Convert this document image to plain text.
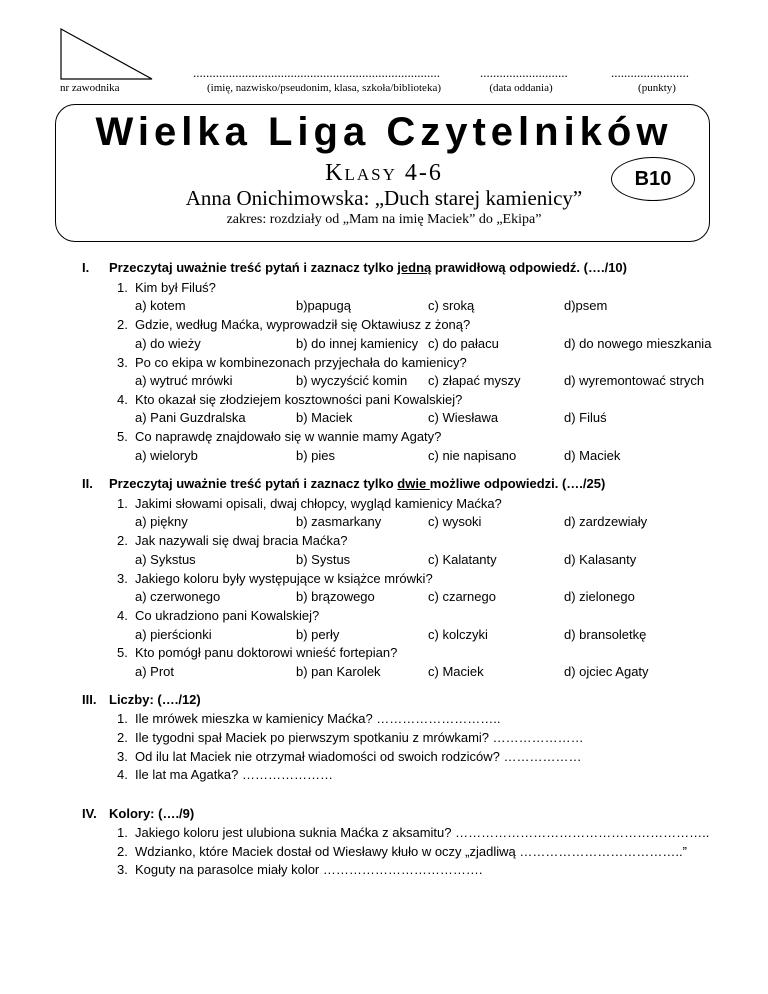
nr zawodnika
............................................................................
(imię, nazwisko/pseudonim, klasa, szkoła/biblioteka)
...........................
(data oddania)
........................
(punkty)
Wielka Liga Czytelników
Klasy 4-6
Anna Onichimowska: „Duch starej kamienicy”
zakres: rozdziały od „Mam na imię Maciek” do „Ekipa”
B10
I. Przeczytaj uważnie treść pytań i zaznacz tylko jedną prawidłową odpowiedź. (…./10)
1. Kim był Filuś?
a) kotem	b)papugą	c) sroką	d)psem
2. Gdzie, według Maćka, wyprowadził się Oktawiusz z żoną?
a) do wieży	b) do innej kamienicy c) do pałacu	d) do nowego mieszkania
3. Po co ekipa w kombinezonach przyjechała do kamienicy?
a) wytruć mrówki	b) wyczyścić komin c) złapać myszy	d) wyremontować strych
4. Kto okazał się złodziejem kosztowności pani Kowalskiej?
a) Pani Guzdralska	b) Maciek	c) Wiesława	d) Filuś
5. Co naprawdę znajdowało się w wannie mamy Agaty?
a) wieloryb	b) pies	c) nie napisano	d) Maciek
II. Przeczytaj uważnie treść pytań i zaznacz tylko dwie możliwe odpowiedzi. (…./25)
1. Jakimi słowami opisali, dwaj chłopcy, wygląd kamienicy Maćka?
a) piękny	b) zasmarkany	c) wysoki	d) zardzewiały
2. Jak nazywali się dwaj bracia Maćka?
a) Sykstus	b) Systus	c) Kalatanty	d) Kalasanty
3. Jakiego koloru były występujące w książce mrówki?
a) czerwonego	b) brązowego	c) czarnego	d) zielonego
4. Co ukradziono pani Kowalskiej?
a) pierścionki	b) perły	c) kolczyki	d) bransoletkę
5. Kto pomógł panu doktorowi wnieść fortepian?
a) Prot	b) pan Karolek	c) Maciek	d) ojciec Agaty
III. Liczby: (…./12)
1. Ile mrówek mieszka w kamienicy Maćka? ………………………..
2. Ile tygodni spał Maciek po pierwszym spotkaniu z mrówkami? …………………
3. Od ilu lat Maciek nie otrzymał wiadomości od swoich rodziców? ………………
4. Ile lat ma Agatka? …………………
IV. Kolory: (…./9)
1. Jakiego koloru jest ulubiona suknia Maćka z aksamitu? …………………………………………………..
2. Wdzianko, które Maciek dostał od Wiesławy kłuło w oczy „zjadliwą ………………………………..”
3. Koguty na parasolce miały kolor ……………………………….
